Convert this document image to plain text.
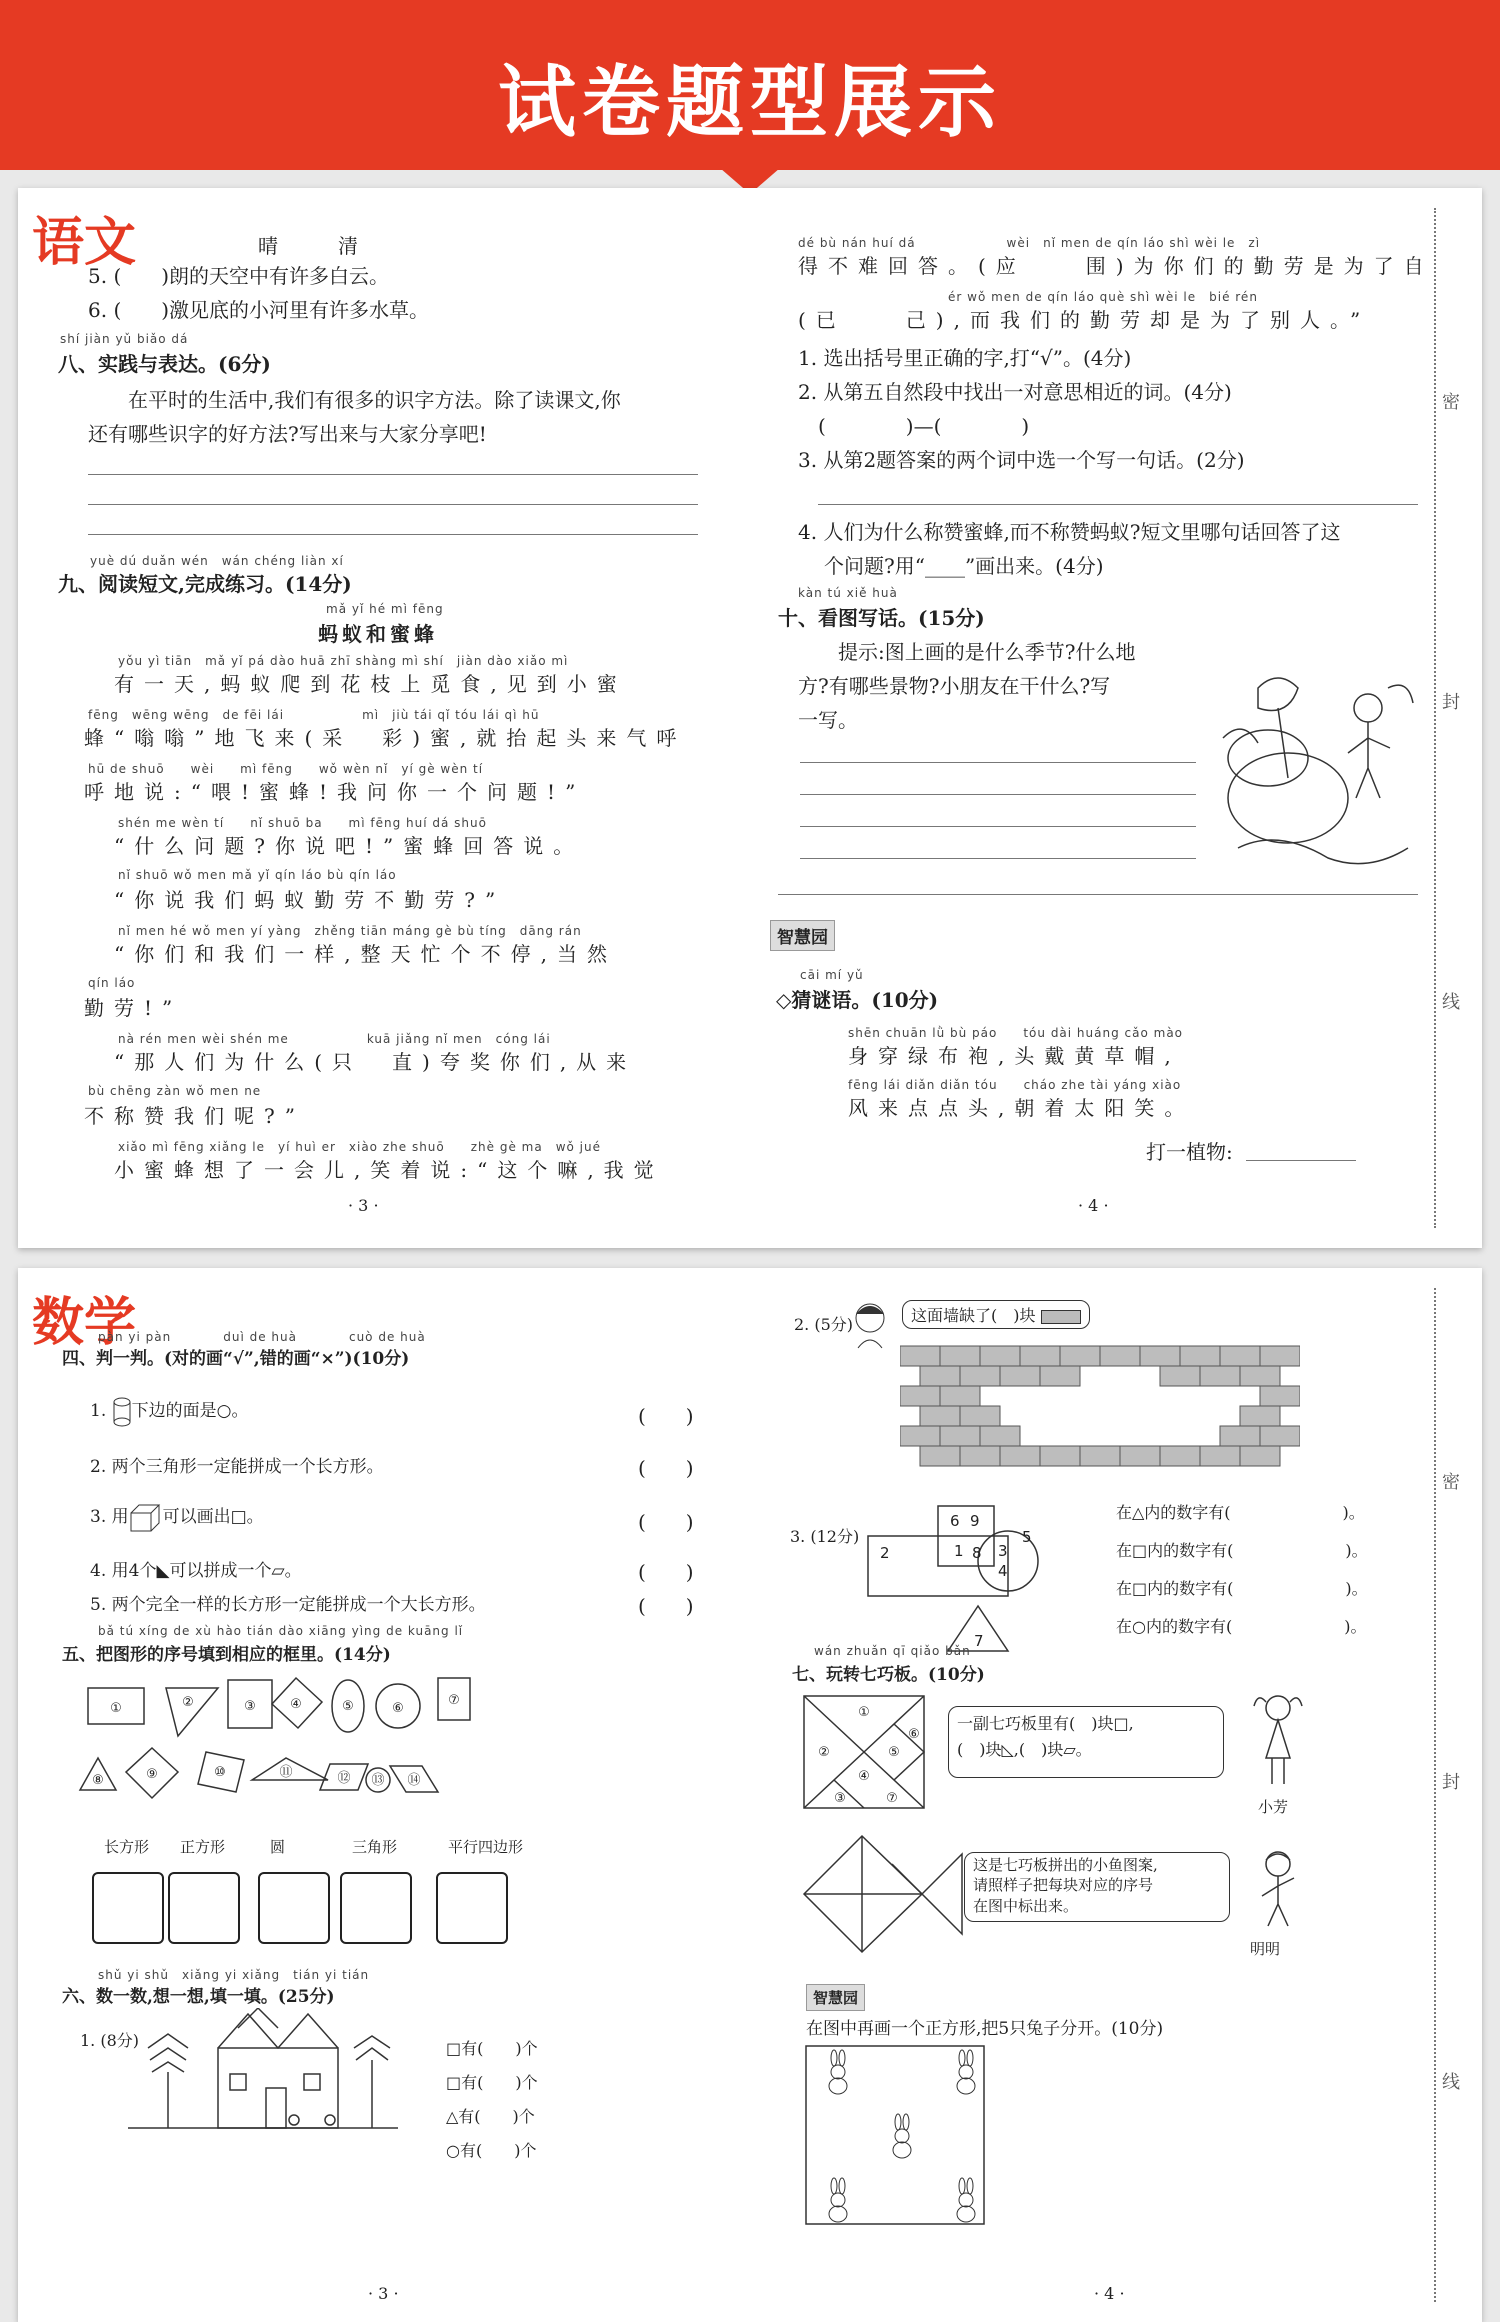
试卷题型展示
语文	晴　清
5. (　　)朗的天空中有许多白云。
6. (　　)激见底的小河里有许多水草。
shí jiàn yǔ biǎo dá
八、实践与表达。(6分)
在平时的生活中,我们有很多的识字方法。除了读课文,你
还有哪些识字的好方法?写出来与大家分享吧!
yuè dú duǎn wén　wán chéng liàn xí
九、阅读短文,完成练习。(14分)
mǎ yǐ hé mì fēng
蚂蚁和蜜蜂
yǒu yì tiān　mǎ yǐ pá dào huā zhī shàng mì shí　jiàn dào xiǎo mì
有一天,蚂蚁爬到花枝上觅食,见到小蜜
fēng　wēng wēng　de fēi lái　　　　　　mì　jiù tái qǐ tóu lái qì hū
蜂“嗡嗡”地飞来(采　彩)蜜,就抬起头来气呼
hū de shuō　　wèi　　mì fēng　　wǒ wèn nǐ　yí gè wèn tí
呼地说:“喂!蜜蜂!我问你一个问题!”
shén me wèn tí　　nǐ shuō ba　　mì fēng huí dá shuō
“什么问题?你说吧!”蜜蜂回答说。
nǐ shuō wǒ men mǎ yǐ qín láo bù qín láo
“你说我们蚂蚁勤劳不勤劳?”
nǐ men hé wǒ men yí yàng　zhěng tiān máng gè bù tíng　dāng rán
“你们和我们一样,整天忙个不停,当然
qín láo
勤劳!”
nà rén men wèi shén me　　　　　　kuā jiǎng nǐ men　cóng lái
“那人们为什么(只　直)夸奖你们,从来
bù chēng zàn wǒ men ne
不称赞我们呢?”
xiǎo mì fēng xiǎng le　yí huì er　xiào zhe shuō　　zhè gè ma　wǒ jué
小蜜蜂想了一会儿,笑着说:“这个嘛,我觉
· 3 ·
dé bù nán huí dá　　　　　　　wèi　nǐ men de qín láo shì wèi le　zì
得不难回答。(应　　围)为你们的勤劳是为了自
ér wǒ men de qín láo què shì wèi le　bié rén
(已　　己),而我们的勤劳却是为了别人。”
1. 选出括号里正确的字,打“√”。(4分)
2. 从第五自然段中找出一对意思相近的词。(4分)
(　　　　)—(　　　　)
3. 从第2题答案的两个词中选一个写一句话。(2分)
4. 人们为什么称赞蜜蜂,而不称赞蚂蚁?短文里哪句话回答了这
个问题?用“____”画出来。(4分)
kàn tú xiě huà
十、看图写话。(15分)
提示:图上画的是什么季节?什么地
方?有哪些景物?小朋友在干什么?写
一写。
智慧园
cāi mí yǔ
◇猜谜语。(10分)
shēn chuān lǜ bù páo　　tóu dài huáng cǎo mào
身穿绿布袍,头戴黄草帽,
fēng lái diǎn diǎn tóu　　cháo zhe tài yáng xiào
风来点点头,朝着太阳笑。
打一植物:
· 4 ·
密
封
线
数学
pàn yi pàn　　　　duì de huà　　　　cuò de huà
四、判一判。(对的画“√”,错的画“×”)(10分)
1. 下边的面是○。
2. 两个三角形一定能拼成一个长方形。
3. 用 可以画出□。
4. 用4个◣可以拼成一个▱。
5. 两个完全一样的长方形一定能拼成一个大长方形。
(　　)
(　　)
(　　)
(　　)
(　　)
bǎ tú xíng de xù hào tián dào xiāng yìng de kuāng lǐ
五、把图形的序号填到相应的框里。(14分)
①	②	③	④	⑤	⑥
⑦
⑧	⑨	⑩	⑪	⑫ ⑬ ⑭
长方形 正方形	圆	三角形	平行四边形
shǔ yi shǔ　xiǎng yi xiǎng　tián yi tián
六、数一数,想一想,填一填。(25分)
1. (8分)	□有(　　)个
□有(　　)个
△有(　　)个
○有(　　)个
· 3 ·
2. (5分)	这面墙缺了(　)块
3. (12分)
6 9
1 8 3
4
5
2
7
在△内的数字有(　　　　　　　)。
在□内的数字有(　　　　　　　)。
在□内的数字有(　　　　　　　)。
在○内的数字有(　　　　　　　)。
wán zhuǎn qī qiǎo bǎn
七、玩转七巧板。(10分)
①
②
⑥
⑤
④
③	⑦
一副七巧板里有(　)块□,
(　)块◺,(　)块▱。
小芳
这是七巧板拼出的小鱼图案,
请照样子把每块对应的序号
在图中标出来。
明明
智慧园
在图中再画一个正方形,把5只兔子分开。(10分)
· 4 ·
密
封
线
